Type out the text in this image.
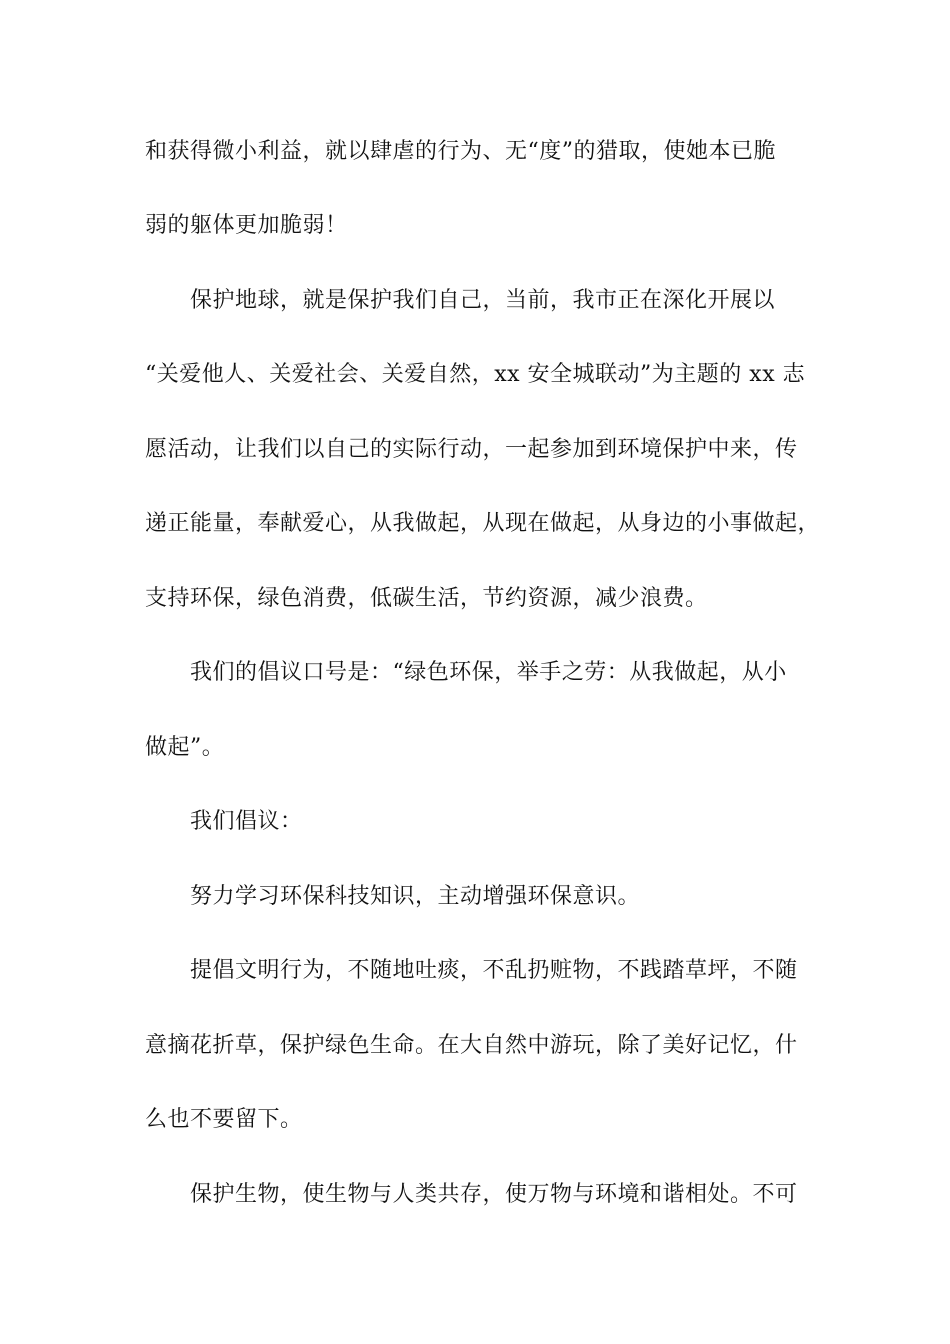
和获得微小利益，就以肆虐的行为、无“度”的猎取，使她本已脆
弱的躯体更加脆弱！
保护地球，就是保护我们自己，当前，我市正在深化开展以
“关爱他人、关爱社会、关爱自然，xx 安全城联动”为主题的 xx 志
愿活动，让我们以自己的实际行动，一起参加到环境保护中来，传
递正能量，奉献爱心，从我做起，从现在做起，从身边的小事做起，
支持环保，绿色消费，低碳生活，节约资源，减少浪费。
我们的倡议口号是：“绿色环保，举手之劳：从我做起，从小
做起”。
我们倡议：
努力学习环保科技知识，主动增强环保意识。
提倡文明行为，不随地吐痰，不乱扔赃物，不践踏草坪，不随
意摘花折草，保护绿色生命。在大自然中游玩，除了美好记忆，什
么也不要留下。
保护生物，使生物与人类共存，使万物与环境和谐相处。不可
